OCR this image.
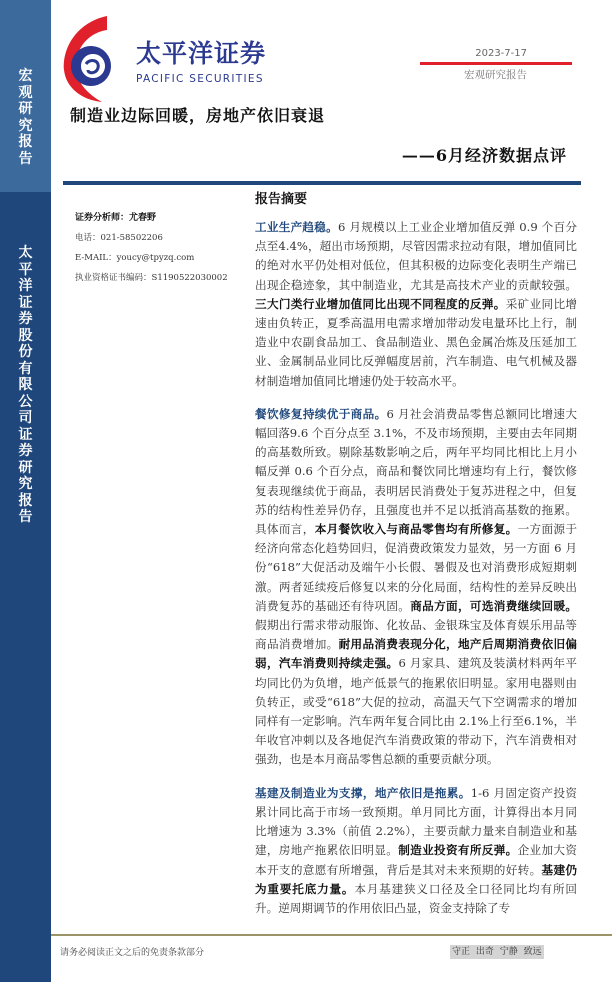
宏
观
研
究
报
告
太
平
洋
证
券
股
份
有
限
公
司
证
券
研
究
报
告
太平洋证券
PACIFIC SECURITIES
2023-7-17
宏观研究报告
制造业边际回暖，房地产依旧衰退
——6月经济数据点评
证券分析师：尤春野
电话：021-58502206
E-MAIL：youcy@tpyzq.com
执业资格证书编码：S1190522030002
报告摘要
工业生产趋稳。6 月规模以上工业企业增加值反弹 0.9 个百分点至4.4%，超出市场预期，尽管因需求拉动有限，增加值同比的绝对水平仍处相对低位，但其积极的边际变化表明生产端已出现企稳迹象，其中制造业，尤其是高技术产业的贡献较强。三大门类行业增加值同比出现不同程度的反弹。采矿业同比增速由负转正，夏季高温用电需求增加带动发电量环比上行，制造业中农副食品加工、食品制造业、黑色金属冶炼及压延加工业、金属制品业同比反弹幅度居前，汽车制造、电气机械及器材制造增加值同比增速仍处于较高水平。
餐饮修复持续优于商品。6 月社会消费品零售总额同比增速大幅回落9.6 个百分点至 3.1%，不及市场预期，主要由去年同期的高基数所致。剔除基数影响之后，两年平均同比相比上月小幅反弹 0.6 个百分点，商品和餐饮同比增速均有上行，餐饮修复表现继续优于商品，表明居民消费处于复苏进程之中，但复苏的结构性差异仍存，且强度也并不足以抵消高基数的拖累。具体而言，本月餐饮收入与商品零售均有所修复。一方面源于经济向常态化趋势回归，促消费政策发力显效，另一方面 6 月份“618”大促活动及端午小长假、暑假及也对消费形成短期刺激。两者延续疫后修复以来的分化局面，结构性的差异反映出消费复苏的基础还有待巩固。商品方面，可选消费继续回暖。假期出行需求带动服饰、化妆品、金银珠宝及体育娱乐用品等商品消费增加。耐用品消费表现分化，地产后周期消费依旧偏弱，汽车消费则持续走强。6 月家具、建筑及装潢材料两年平均同比仍为负增，地产低景气的拖累依旧明显。家用电器则由负转正，或受“618”大促的拉动，高温天气下空调需求的增加同样有一定影响。汽车两年复合同比由 2.1%上行至6.1%，半年收官冲刺以及各地促汽车消费政策的带动下，汽车消费相对强劲，也是本月商品零售总额的重要贡献分项。
基建及制造业为支撑，地产依旧是拖累。1-6 月固定资产投资累计同比高于市场一致预期。单月同比方面，计算得出本月同比增速为 3.3%（前值 2.2%），主要贡献力量来自制造业和基建，房地产拖累依旧明显。制造业投资有所反弹。企业加大资本开支的意愿有所增强，背后是其对未来预期的好转。基建仍为重要托底力量。本月基建狭义口径及全口径同比均有所回升。逆周期调节的作用依旧凸显，资金支持除了专
请务必阅读正文之后的免责条款部分	守正 出奇 宁静 致远
